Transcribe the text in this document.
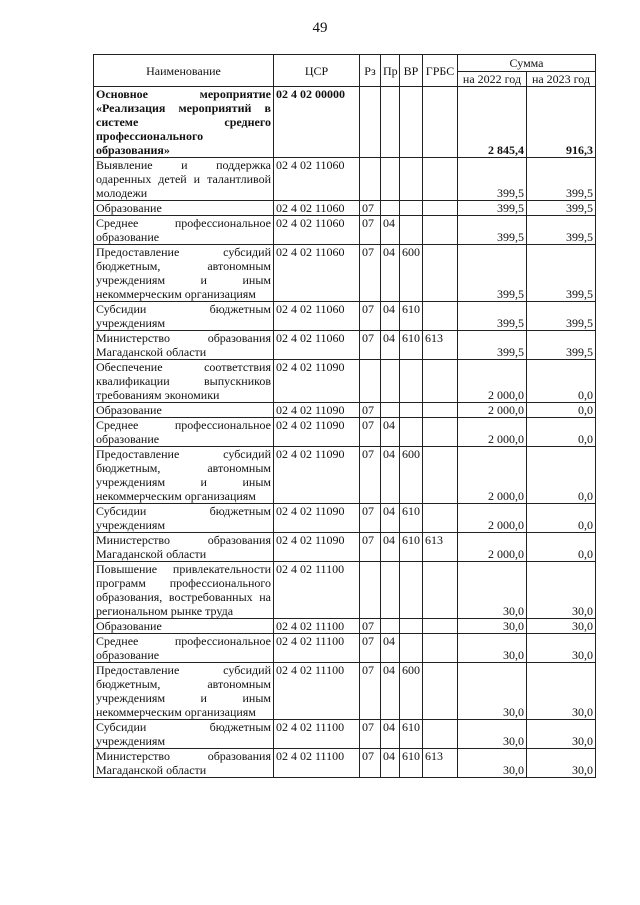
49
Наименование	ЦСР	Рз	Пр	ВР	ГРБС	Сумма	
						на 2022 год	на 2023 год
Основное мероприятие «Реализация мероприятий в системе среднего профессионального образования»	02 4 02 00000					2 845,4	916,3
Выявление и поддержка одаренных детей и талантливой молодежи	02 4 02 11060					399,5	399,5
Образование	02 4 02 11060	07				399,5	399,5
Среднее профессиональное образование	02 4 02 11060	07	04			399,5	399,5
Предоставление субсидий бюджетным, автономным учреждениям и иным некоммерческим организациям	02 4 02 11060	07	04	600		399,5	399,5
Субсидии бюджетным учреждениям	02 4 02 11060	07	04	610		399,5	399,5
Министерство образования Магаданской области	02 4 02 11060	07	04	610	613	399,5	399,5
Обеспечение соответствия квалификации выпускников требованиям экономики	02 4 02 11090					2 000,0	0,0
Образование	02 4 02 11090	07				2 000,0	0,0
Среднее профессиональное образование	02 4 02 11090	07	04			2 000,0	0,0
Предоставление субсидий бюджетным, автономным учреждениям и иным некоммерческим организациям	02 4 02 11090	07	04	600		2 000,0	0,0
Субсидии бюджетным учреждениям	02 4 02 11090	07	04	610		2 000,0	0,0
Министерство образования Магаданской области	02 4 02 11090	07	04	610	613	2 000,0	0,0
Повышение привлекательности программ профессионального образования, востребованных на региональном рынке труда	02 4 02 11100					30,0	30,0
Образование	02 4 02 11100	07				30,0	30,0
Среднее профессиональное образование	02 4 02 11100	07	04			30,0	30,0
Предоставление субсидий бюджетным, автономным учреждениям и иным некоммерческим организациям	02 4 02 11100	07	04	600		30,0	30,0
Субсидии бюджетным учреждениям	02 4 02 11100	07	04	610		30,0	30,0
Министерство образования Магаданской области	02 4 02 11100	07	04	610	613	30,0	30,0
